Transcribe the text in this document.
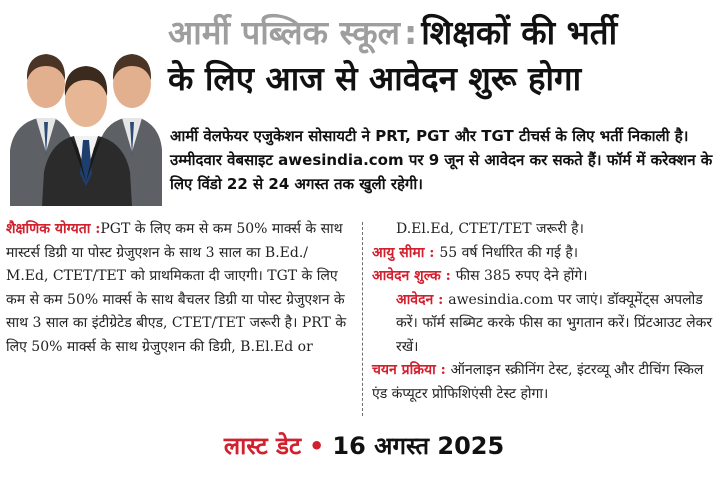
आर्मी पब्लिक स्कूल : शिक्षकों की भर्ती
के लिए आज से आवेदन शुरू होगा
आर्मी वेलफेयर एजुकेशन सोसायटी ने PRT, PGT और TGT टीचर्स के लिए भर्ती निकाली है। उम्मीदवार वेबसाइट awesindia.com पर 9 जून से आवेदन कर सकते हैं। फॉर्म में करेक्शन के लिए विंडो 22 से 24 अगस्त तक खुली रहेगी।

शैक्षणिक योग्यता :PGT के लिए कम से कम 50% मार्क्स के साथ मास्टर्स डिग्री या पोस्ट ग्रेजुएशन के साथ 3 साल का B.Ed./ M.Ed, CTET/TET को प्राथमिकता दी जाएगी। TGT के लिए कम से कम 50% मार्क्स के साथ बैचलर डिग्री या पोस्ट ग्रेजुएशन के साथ 3 साल का इंटीग्रेटेड बीएड, CTET/TET जरूरी है। PRT के लिए 50% मार्क्स के साथ ग्रेजुएशन की डिग्री, B.El.Ed or

D.El.Ed, CTET/TET जरूरी है।

आयु सीमा : 55 वर्ष निर्धारित की गई है।

आवेदन शुल्क : फीस 385 रुपए देने होंगे।

आवेदन : awesindia.com पर जाएं। डॉक्यूमेंट्स अपलोड करें। फॉर्म सब्मिट करके फीस का भुगतान करें। प्रिंटआउट लेकर रखें।

चयन प्रक्रिया : ऑनलाइन स्क्रीनिंग टेस्ट, इंटरव्यू और टीचिंग स्किल एंड कंप्यूटर प्रोफिशिएंसी टेस्ट होगा।

लास्ट डेट • 16 अगस्त 2025
